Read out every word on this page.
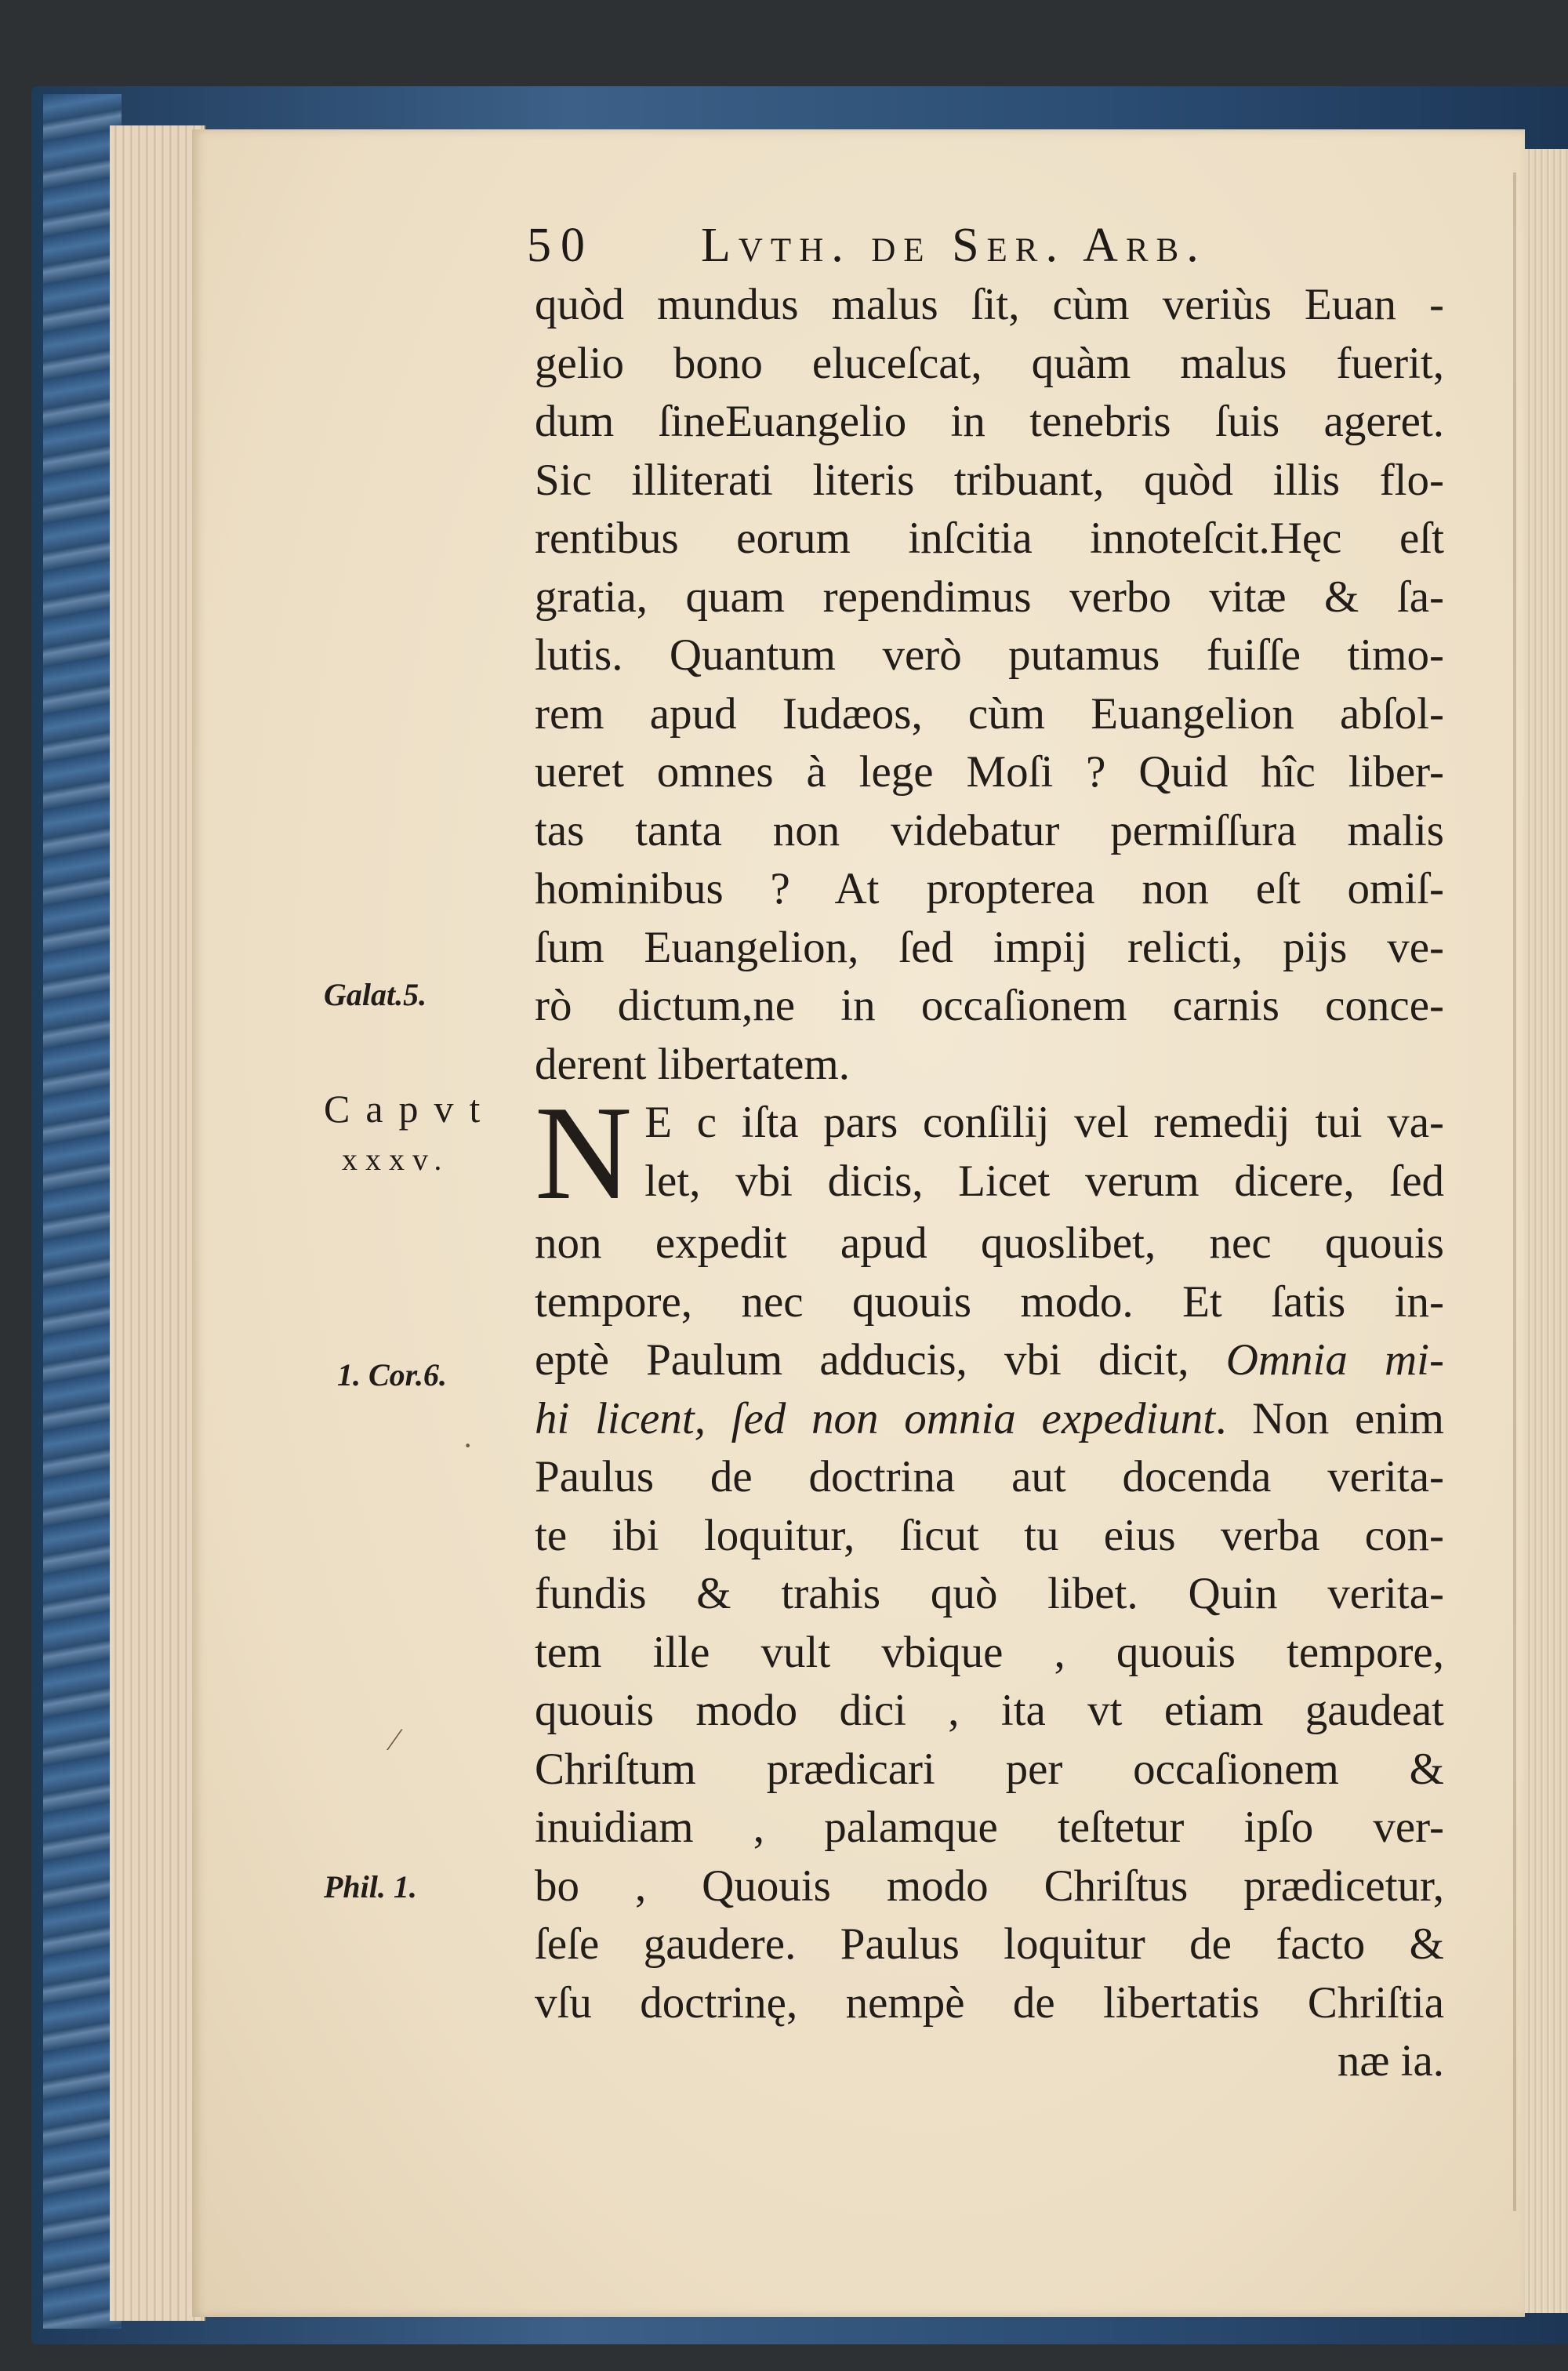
50 Lvth. de Ser. Arb.
Galat.5.
Capvt
xxxv.
1. Cor.6.
Phil. 1.
·
⁄
quòd mundus malus ſit, cùm veriùs Euan -
gelio bono eluceſcat, quàm malus fuerit,
dum ſineEuangelio in tenebris ſuis ageret.
Sic illiterati literis tribuant, quòd illis flo-
rentibus eorum inſcitia innoteſcit.Hęc eſt
gratia, quam rependimus verbo vitæ & ſa-
lutis. Quantum verò putamus fuiſſe timo-
rem apud Iudæos, cùm Euangelion abſol-
ueret omnes à lege Moſi ? Quid hîc liber-
tas tanta non videbatur permiſſura malis
hominibus ? At propterea non eſt omiſ-
ſum Euangelion, ſed impij relicti, pijs ve-
rò dictum,ne in occaſionem carnis conce-
derent libertatem.
N E c iſta pars conſilij vel remedij tui va-
let, vbi dicis, Licet verum dicere, ſed
non expedit apud quoslibet, nec quouis
tempore, nec quouis modo. Et ſatis in-
eptè Paulum adducis, vbi dicit, Omnia mi-
hi licent, ſed non omnia expediunt. Non enim
Paulus de doctrina aut docenda verita-
te ibi loquitur, ſicut tu eius verba con-
fundis & trahis quò libet. Quin verita-
tem ille vult vbique , quouis tempore,
quouis modo dici , ita vt etiam gaudeat
Chriſtum prædicari per occaſionem &
inuidiam , palamque teſtetur ipſo ver-
bo , Quouis modo Chriſtus prædicetur,
ſeſe gaudere. Paulus loquitur de facto &
vſu doctrinę, nempè de libertatis Chriſtia
næ ia.
